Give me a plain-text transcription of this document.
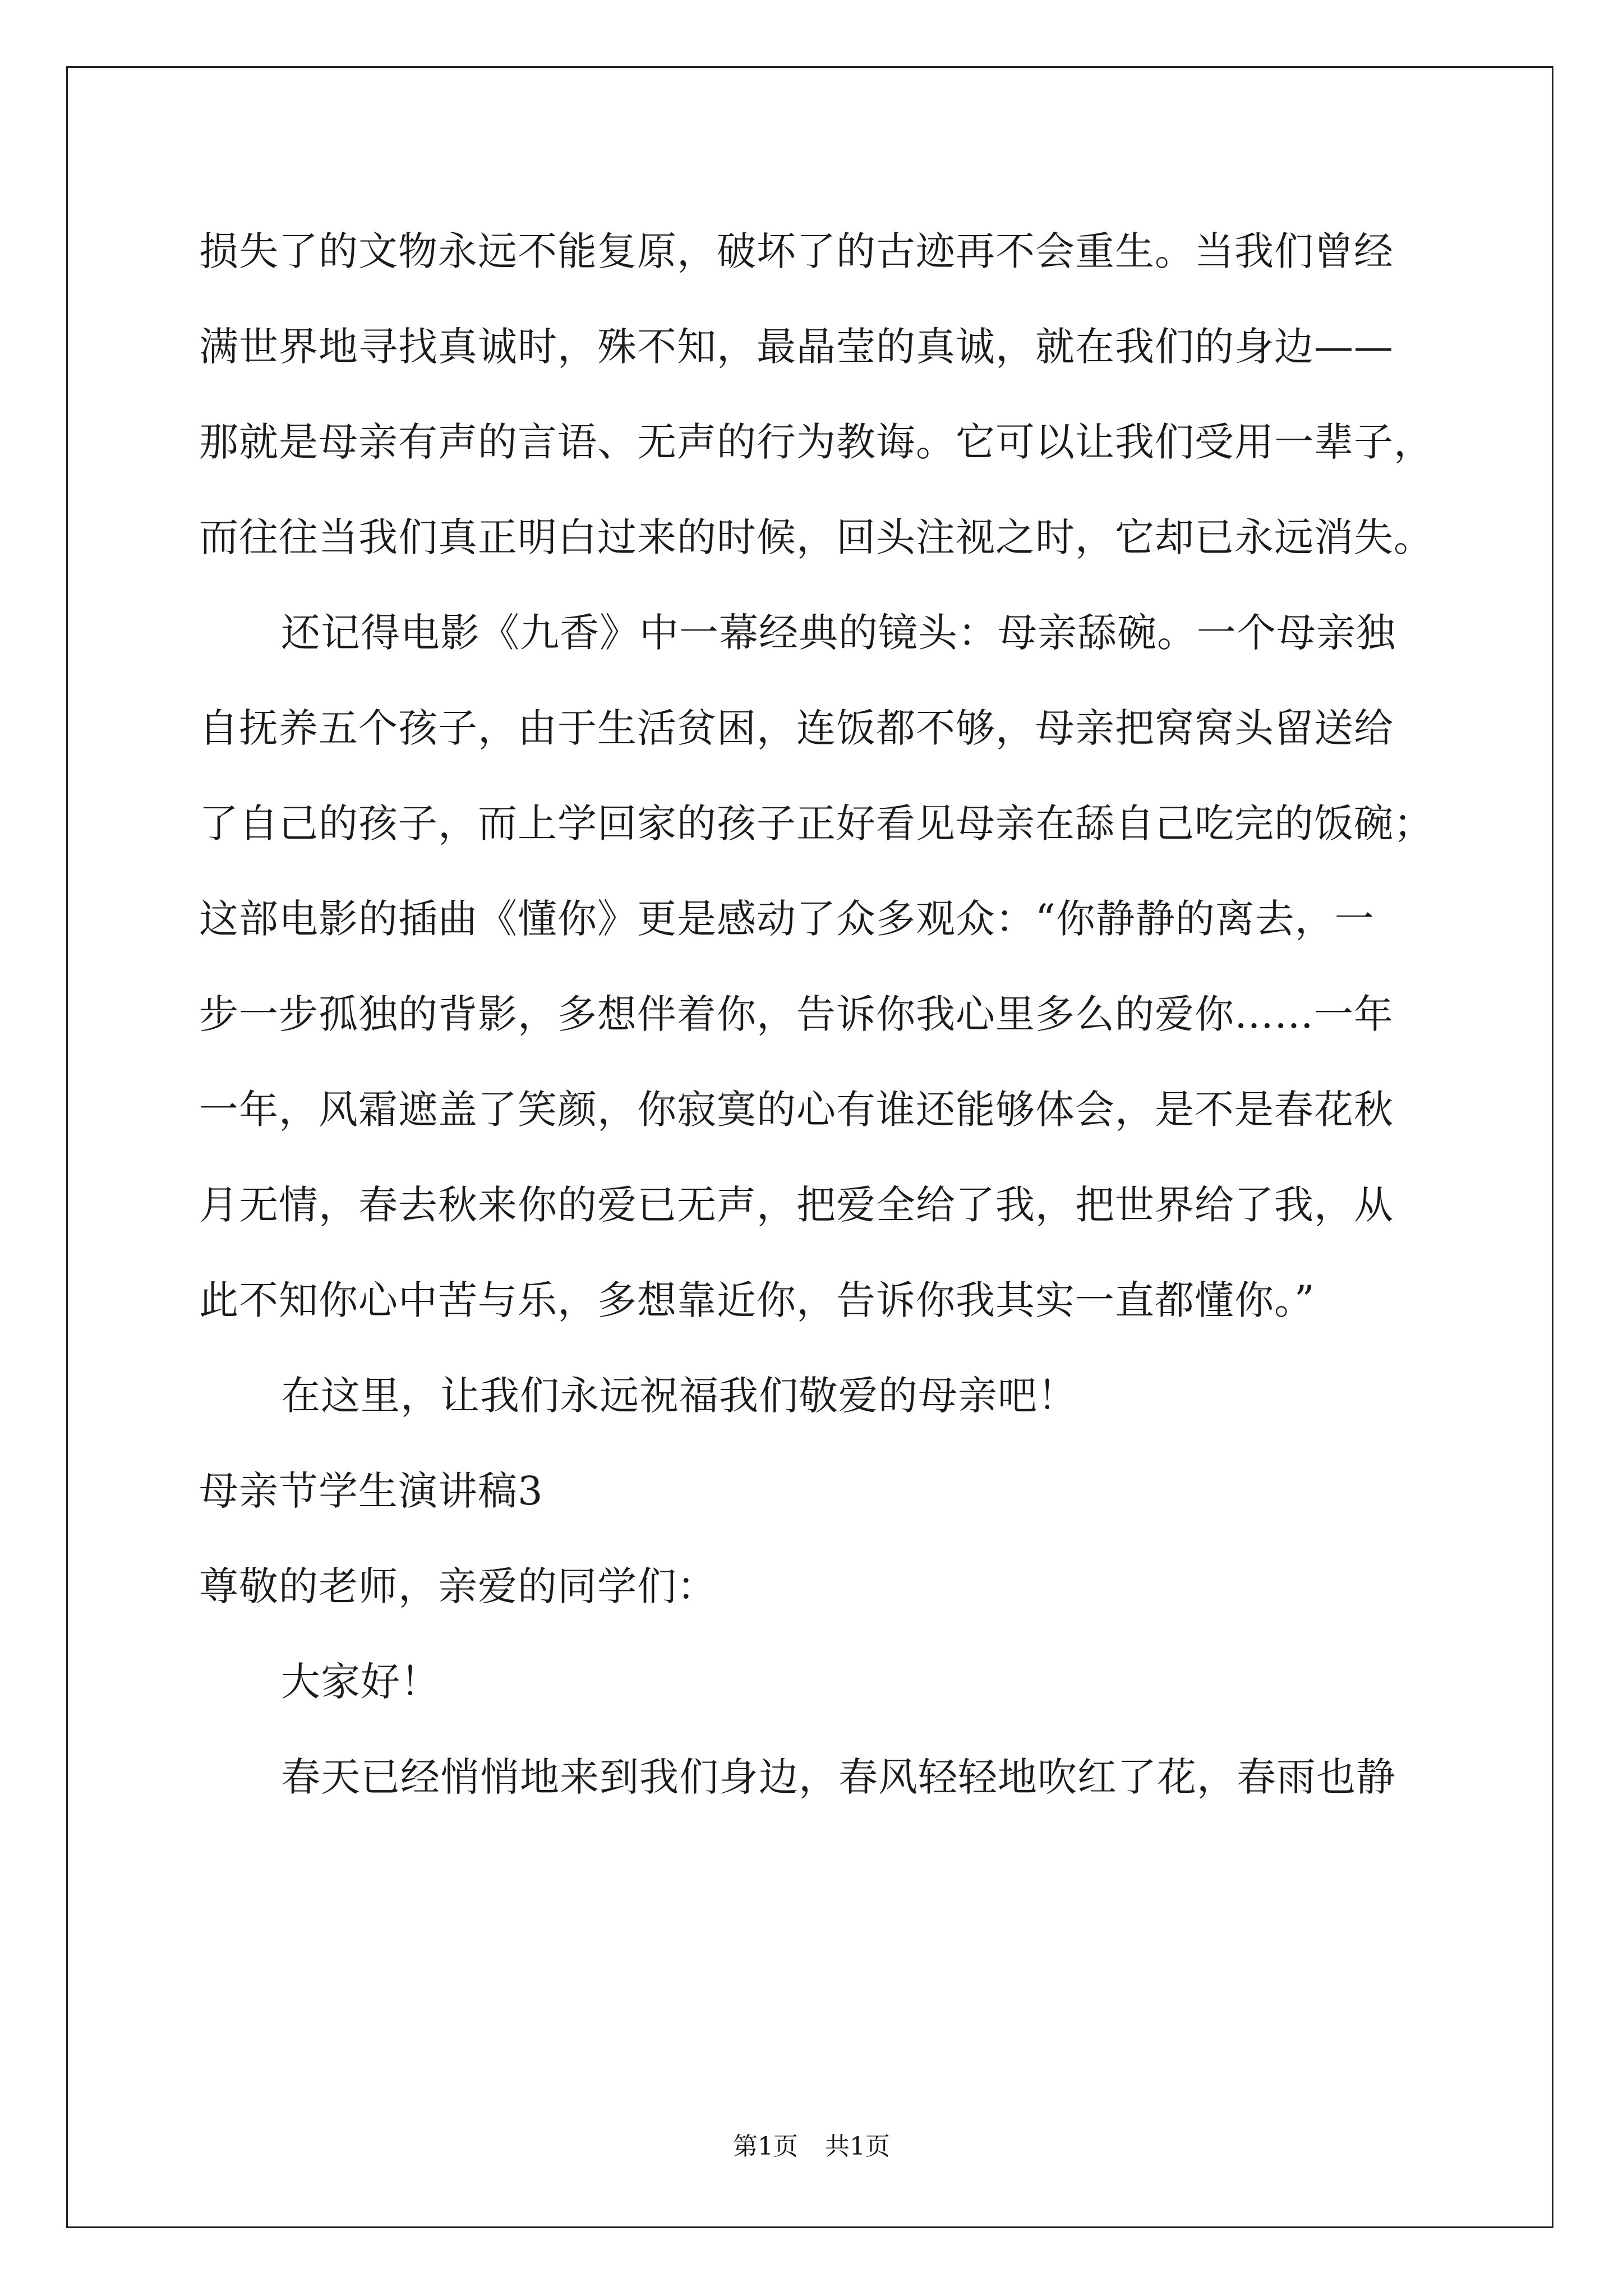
损失了的文物永远不能复原，破坏了的古迹再不会重生。当我们曾经
满世界地寻找真诚时，殊不知，最晶莹的真诚，就在我们的身边——
那就是母亲有声的言语、无声的行为教诲。它可以让我们受用一辈子，
而往往当我们真正明白过来的时候，回头注视之时，它却已永远消失。
还记得电影《九香》中一幕经典的镜头：母亲舔碗。一个母亲独
自抚养五个孩子，由于生活贫困，连饭都不够，母亲把窝窝头留送给
了自己的孩子，而上学回家的孩子正好看见母亲在舔自己吃完的饭碗；
这部电影的插曲《懂你》更是感动了众多观众：“你静静的离去，一
步一步孤独的背影，多想伴着你，告诉你我心里多么的爱你……一年
一年，风霜遮盖了笑颜，你寂寞的心有谁还能够体会，是不是春花秋
月无情，春去秋来你的爱已无声，把爱全给了我，把世界给了我，从
此不知你心中苦与乐，多想靠近你，告诉你我其实一直都懂你。”
在这里，让我们永远祝福我们敬爱的母亲吧！
母亲节学生演讲稿3
尊敬的老师，亲爱的同学们：
大家好！
春天已经悄悄地来到我们身边，春风轻轻地吹红了花，春雨也静
第1页 共1页
